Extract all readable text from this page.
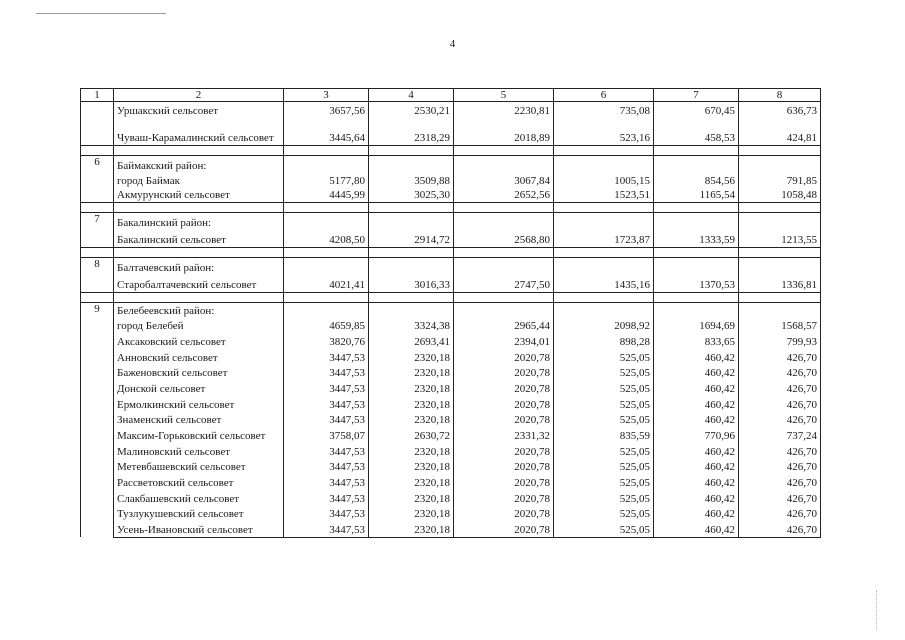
4
1	2	3	4	5	6	7	8
	Уршакский сельсовет	3657,56	2530,21	2230,81	735,08	670,45	636,73
	Чуваш-Карамалинский сельсовет	3445,64	2318,29	2018,89	523,16	458,53	424,81

6	Баймакский район:						
	город Баймак	5177,80	3509,88	3067,84	1005,15	854,56	791,85
	Акмурунский сельсовет	4445,99	3025,30	2652,56	1523,51	1165,54	1058,48

7	Бакалинский район:						
	Бакалинский сельсовет	4208,50	2914,72	2568,80	1723,87	1333,59	1213,55

8	Балтачевский район:						
	Старобалтачевский сельсовет	4021,41	3016,33	2747,50	1435,16	1370,53	1336,81

9	Белебеевский район:						
	город Белебей	4659,85	3324,38	2965,44	2098,92	1694,69	1568,57
	Аксаковский сельсовет	3820,76	2693,41	2394,01	898,28	833,65	799,93
	Анновский сельсовет	3447,53	2320,18	2020,78	525,05	460,42	426,70
	Баженовский сельсовет	3447,53	2320,18	2020,78	525,05	460,42	426,70
	Донской сельсовет	3447,53	2320,18	2020,78	525,05	460,42	426,70
	Ермолкинский сельсовет	3447,53	2320,18	2020,78	525,05	460,42	426,70
	Знаменский сельсовет	3447,53	2320,18	2020,78	525,05	460,42	426,70
	Максим-Горьковский сельсовет	3758,07	2630,72	2331,32	835,59	770,96	737,24
	Малиновский сельсовет	3447,53	2320,18	2020,78	525,05	460,42	426,70
	Метевбашевский сельсовет	3447,53	2320,18	2020,78	525,05	460,42	426,70
	Рассветовский сельсовет	3447,53	2320,18	2020,78	525,05	460,42	426,70
	Слакбашевский сельсовет	3447,53	2320,18	2020,78	525,05	460,42	426,70
	Тузлукушевский сельсовет	3447,53	2320,18	2020,78	525,05	460,42	426,70
	Усень-Ивановский сельсовет	3447,53	2320,18	2020,78	525,05	460,42	426,70
